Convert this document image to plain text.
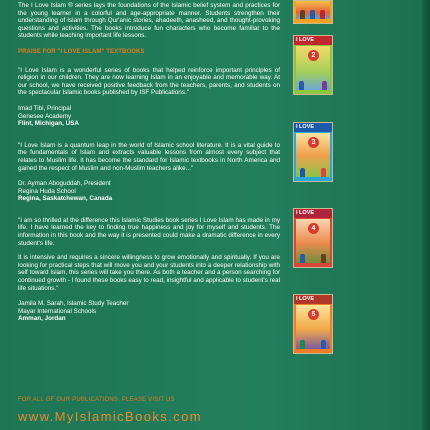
The I Love Islam ® series lays the foundations of the Islamic belief system and practices for the young learner in a colorful and age-appropriate manner. Students strengthen their understanding of Islam through Qur'anic stories, ahadeeth, anasheed, and thought-provoking questions and activities. The books introduce fun characters who become familiar to the students while teaching important life lessons.

PRAISE FOR "I LOVE ISLAM" TEXTBOOKS

"I Love Islam is a wonderful series of books that helped reinforce important principles of religion in our children. They are now learning Islam in an enjoyable and memorable way. At our school, we have received positive feedback from the teachers, parents, and students on the spectacular Islamic books published by ISF Publications."

Imad Tibi, Principal
Genesee Academy
Flint, Michigan, USA

"I Love Islam is a quantum leap in the world of Islamic school literature. It is a vital guide to the fundamentals of Islam and extracts valuable lessons from almost every subject that relates to Muslim life. It has become the standard for Islamic textbooks in North America and gained the respect of Muslim and non-Muslim teachers alike..."

Dr. Ayman Aboguddah, President
Regina Huda School
Regina, Saskatchewan, Canada

"I am so thrilled at the difference this Islamic Studies book series I Love Islam has made in my life. I have learned the key to finding true happiness and joy for myself and students. The information in this book and the way it is presented could make a dramatic difference in every student's life.

It is intensive and requires a sincere willingness to grow emotionally and spiritually. If you are looking for practical steps that will move you and your students into a deeper relationship with self toward Islam, this series will take you there. As both a teacher and a person searching for continued growth - I found these books easy to read, insightful and applicable to student's real life situations."

Jamila M. Sarah, Islamic Study Teacher
Mayar International Schools
Amman, Jordan
FOR ALL OF OUR PUBLICATIONS, PLEASE VISIT US
www.MyIslamicBooks.com
I LOVE
2
I LOVE
3
I LOVE
4
I LOVE
5
